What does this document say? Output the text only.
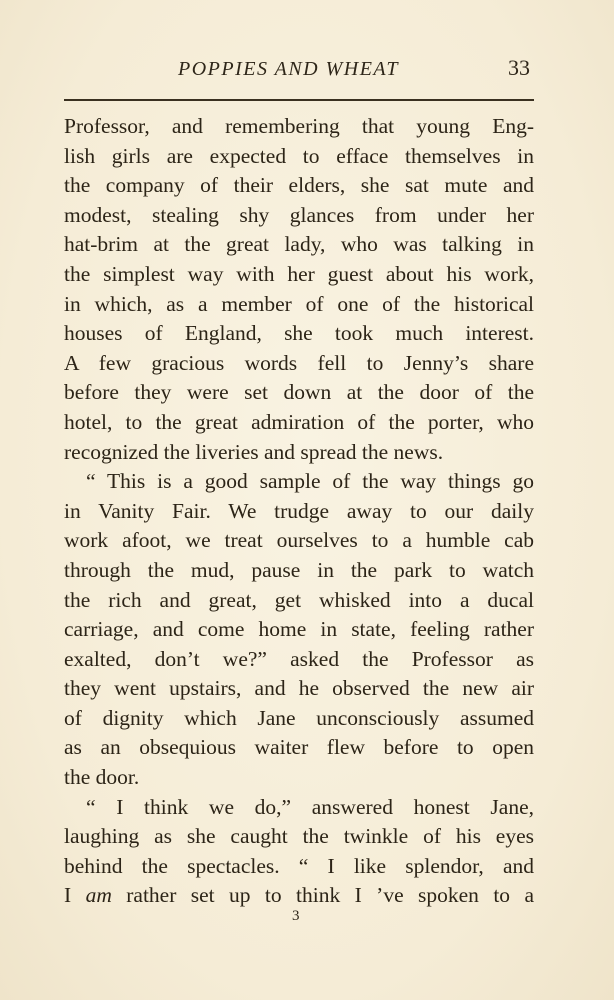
POPPIES AND WHEAT	33
Professor, and remembering that young Eng-
lish girls are expected to efface themselves in
the company of their elders, she sat mute and
modest, stealing shy glances from under her
hat-brim at the great lady, who was talking in
the simplest way with her guest about his work,
in which, as a member of one of the historical
houses of England, she took much interest.
A few gracious words fell to Jenny’s share
before they were set down at the door of the
hotel, to the great admiration of the porter, who
recognized the liveries and spread the news.
“ This is a good sample of the way things go
in Vanity Fair. We trudge away to our daily
work afoot, we treat ourselves to a humble cab
through the mud, pause in the park to watch
the rich and great, get whisked into a ducal
carriage, and come home in state, feeling rather
exalted, don’t we?” asked the Professor as
they went upstairs, and he observed the new air
of dignity which Jane unconsciously assumed
as an obsequious waiter flew before to open
the door.
“ I think we do,” answered honest Jane,
laughing as she caught the twinkle of his eyes
behind the spectacles. “ I like splendor, and
I am rather set up to think I ’ve spoken to a
3
